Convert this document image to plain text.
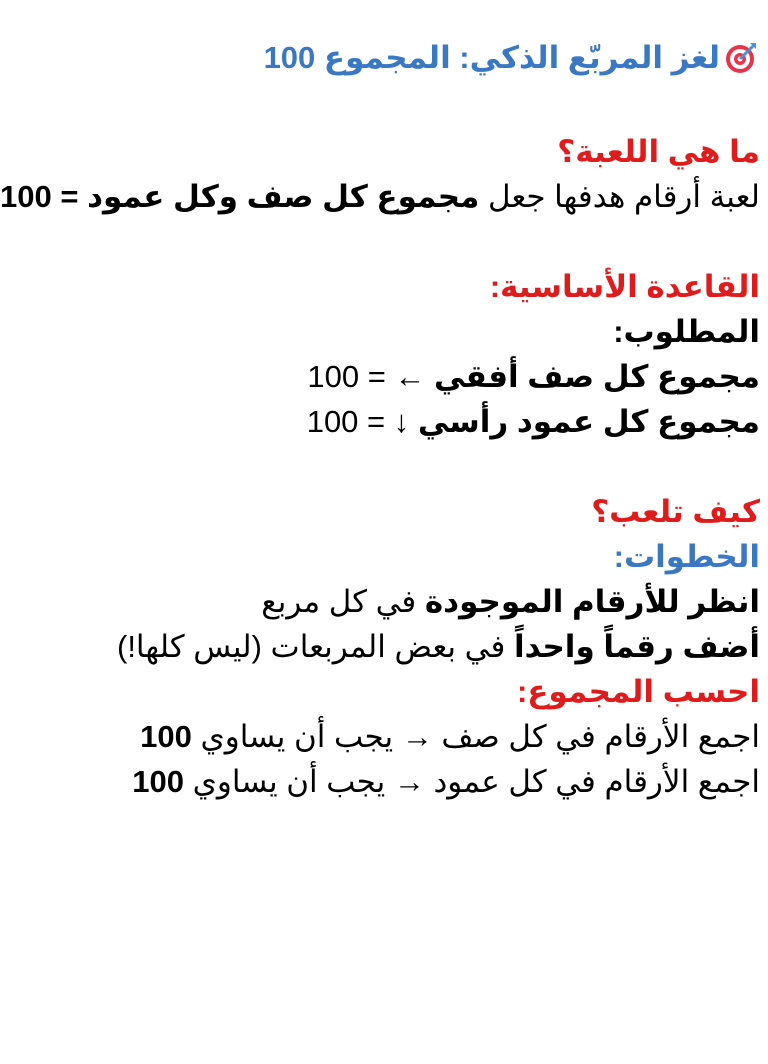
لغز المربّع الذكي: المجموع 100
ما هي اللعبة؟
لعبة أرقام هدفها جعل مجموع كل صف وكل عمود = 100
القاعدة الأساسية:
المطلوب:
مجموع كل صف أفقي ← = 100
مجموع كل عمود رأسي ↓ = 100
كيف تلعب؟
الخطوات:
انظر للأرقام الموجودة في كل مربع
أضف رقماً واحداً في بعض المربعات (ليس كلها!)
احسب المجموع:
اجمع الأرقام في كل صف → يجب أن يساوي 100
اجمع الأرقام في كل عمود → يجب أن يساوي 100
